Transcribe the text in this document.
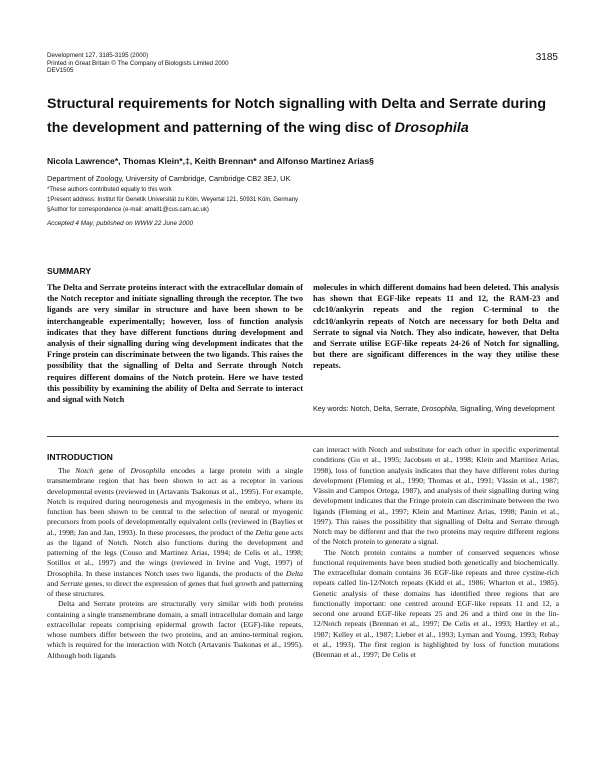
Development 127, 3185-3195 (2000)
Printed in Great Britain © The Company of Biologists Limited 2000
DEV1505
3185
Structural requirements for Notch signalling with Delta and Serrate during the development and patterning of the wing disc of Drosophila
Nicola Lawrence*, Thomas Klein*,‡, Keith Brennan* and Alfonso Martinez Arias§
Department of Zoology, University of Cambridge, Cambridge CB2 3EJ, UK
*These authors contributed equally to this work
‡Present address: Institut für Genetik Universität zu Köln, Weyertal 121, 50931 Köln, Germany
§Author for correspondence (e-mail: amall1@cus.cam.ac.uk)
Accepted 4 May; published on WWW 22 June 2000
SUMMARY
The Delta and Serrate proteins interact with the extracellular domain of the Notch receptor and initiate signalling through the receptor. The two ligands are very similar in structure and have been shown to be interchangeable experimentally; however, loss of function analysis indicates that they have different functions during development and analysis of their signalling during wing development indicates that the Fringe protein can discriminate between the two ligands. This raises the possibility that the signalling of Delta and Serrate through Notch requires different domains of the Notch protein. Here we have tested this possibility by examining the ability of Delta and Serrate to interact and signal with Notch
molecules in which different domains had been deleted. This analysis has shown that EGF-like repeats 11 and 12, the RAM-23 and cdc10/ankyrin repeats and the region C-terminal to the cdc10/ankyrin repeats of Notch are necessary for both Delta and Serrate to signal via Notch. They also indicate, however, that Delta and Serrate utilise EGF-like repeats 24-26 of Notch for signalling, but there are significant differences in the way they utilise these repeats.
Key words: Notch, Delta, Serrate, Drosophila, Signalling, Wing development
INTRODUCTION

The Notch gene of Drosophila encodes a large protein with a single transmembrane region that has been shown to act as a receptor in various developmental events (reviewed in (Artavanis Tsakonas et al., 1995). For example, Notch is required during neurogenesis and myogenesis in the embryo, where its function has been shown to be central to the selection of neural or myogenic precursors from pools of developmentally equivalent cells (reviewed in (Baylies et al., 1998; Jan and Jan, 1993). In these processes, the product of the Delta gene acts as the ligand of Notch. Notch also functions during the development and patterning of the legs (Couso and Martinez Arias, 1994; de Celis et al., 1998; Sotillos et al., 1997) and the wings (reviewed in Irvine and Vogt, 1997) of Drosophila. In these instances Notch uses two ligands, the products of the Delta and Serrate genes, to direct the expression of genes that fuel growth and patterning of these structures.

Delta and Serrate proteins are structurally very similar with both proteins containing a single transmembrane domain, a small intracellular domain and large extracellular repeats comprising epidermal growth factor (EGF)-like repeats, whose numbers differ between the two proteins, and an amino-terminal region, which is required for the interaction with Notch (Artavanis Tsakonas et al., 1995). Although both ligands

can interact with Notch and substitute for each other in specific experimental conditions (Gu et al., 1995; Jacobsen et al., 1998; Klein and Martinez Arias, 1998), loss of function analysis indicates that they have different roles during development (Fleming et al., 1990; Thomas et al., 1991; Vässin et al., 1987; Vässin and Campos Ortega, 1987), and analysis of their signalling during wing development indicates that the Fringe protein can discriminate between the two ligands (Fleming et al., 1997; Klein and Martinez Arias, 1998; Panin et al., 1997). This raises the possibility that signalling of Delta and Serrate through Notch may be different and that the two proteins may require different regions of the Notch protein to generate a signal.

The Notch protein contains a number of conserved sequences whose functional requirements have been studied both genetically and biochemically. The extracellular domain contains 36 EGF-like repeats and three cystine-rich repeats called lin-12/Notch repeats (Kidd et al., 1986; Wharton et al., 1985). Genetic analysis of these domains has identified three regions that are functionally important: one centred around EGF-like repeats 11 and 12, a second one around EGF-like repeats 25 and 26 and a third one in the lin-12/Notch repeats (Brennan et al., 1997; De Celis et al., 1993; Hartley et al., 1987; Kelley et al., 1987; Lieber et al., 1993; Lyman and Young, 1993; Rebay et al., 1993). The first region is highlighted by loss of function mutations (Brennan et al., 1997; De Celis et
